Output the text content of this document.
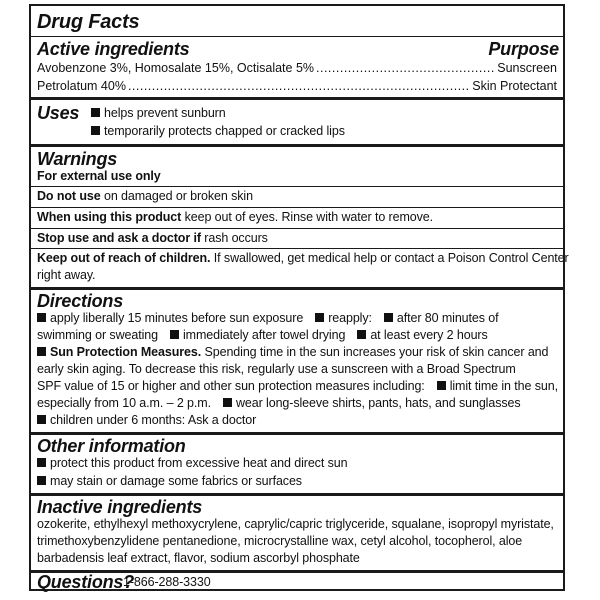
Drug Facts
Active ingredients	Purpose
Avobenzone 3%, Homosalate 15%, Octisalate 5% .....	Sunscreen
Petrolatum 40% .....	Skin Protectant
Uses	helps prevent sunburn
temporarily protects chapped or cracked lips
Warnings
For external use only
Do not use on damaged or broken skin
When using this product keep out of eyes. Rinse with water to remove.
Stop use and ask a doctor if rash occurs
Keep out of reach of children. If swallowed, get medical help or contact a Poison Control Center
right away.
Directions
apply liberally 15 minutes before sun exposure reapply: after 80 minutes of
swimming or sweating immediately after towel drying at least every 2 hours
Sun Protection Measures. Spending time in the sun increases your risk of skin cancer and
early skin aging. To decrease this risk, regularly use a sunscreen with a Broad Spectrum
SPF value of 15 or higher and other sun protection measures including: limit time in the sun,
especially from 10 a.m. – 2 p.m. wear long-sleeve shirts, pants, hats, and sunglasses
children under 6 months: Ask a doctor
Other information
protect this product from excessive heat and direct sun
may stain or damage some fabrics or surfaces
Inactive ingredients
ozokerite, ethylhexyl methoxycrylene, caprylic/capric triglyceride, squalane, isopropyl myristate,
trimethoxybenzylidene pentanedione, microcrystalline wax, cetyl alcohol, tocopherol, aloe
barbadensis leaf extract, flavor, sodium ascorbyl phosphate
Questions?
1-866-288-3330
